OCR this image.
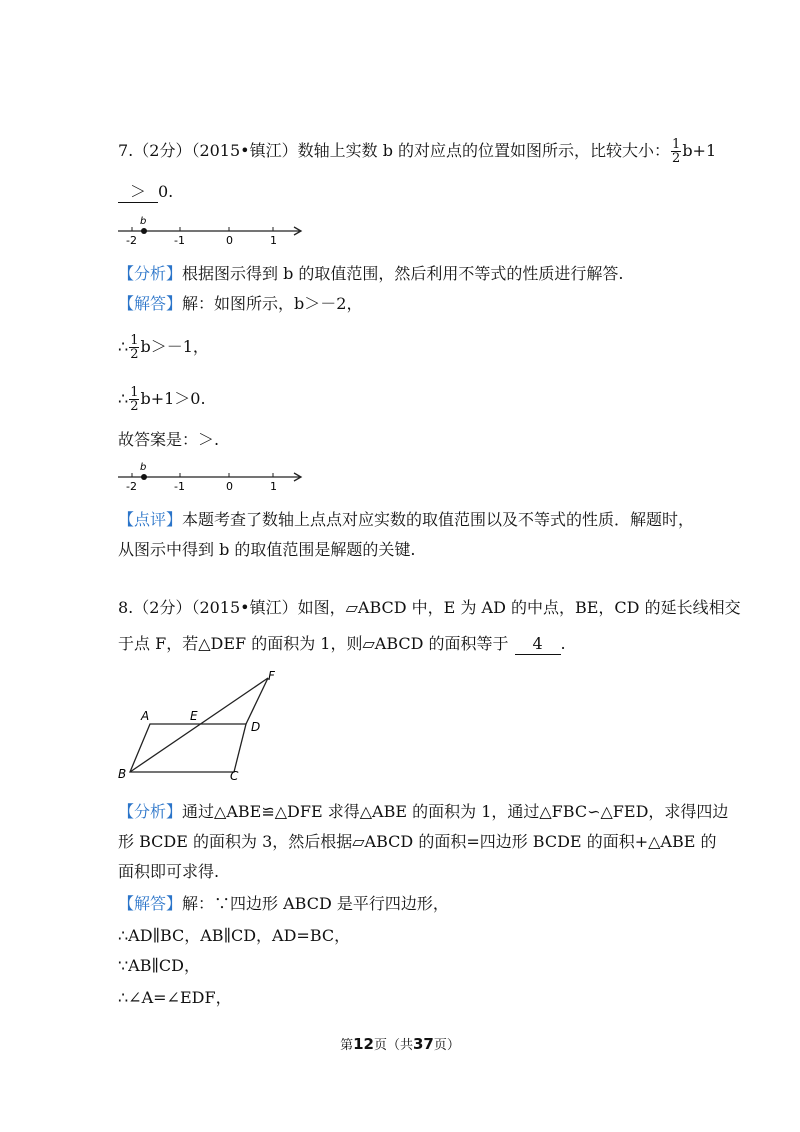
7.（2分）（2015•镇江）数轴上实数 b 的对应点的位置如图所示，比较大小： $\frac{1}{2} b+1$
＞ 0.
b
-2	-1	0	1
【分析】根据图示得到 b 的取值范围，然后利用不等式的性质进行解答.
【解答】解：如图所示，b＞－2，
∴ $\frac{1}{2} b>-1$，
∴ $\frac{1}{2} b+1>0$.
故答案是：＞.
b
-2	-1	0	1
【点评】本题考查了数轴上点点对应实数的取值范围以及不等式的性质．解题时，
从图示中得到 b 的取值范围是解题的关键.
8.（2分）（2015•镇江）如图，▱ABCD 中，E 为 AD 的中点，BE，CD 的延长线相交
于点 F，若△DEF 的面积为 1，则▱ABCD 的面积等于 4 .
A	E
D
F
B	C
【分析】通过△ABE≌△DFE 求得△ABE 的面积为 1，通过△FBC∽△FED，求得四边
形 BCDE 的面积为 3，然后根据▱ABCD 的面积=四边形 BCDE 的面积+△ABE 的
面积即可求得.
【解答】解：∵四边形 ABCD 是平行四边形，
∴AD∥BC，AB∥CD，AD=BC，
∵AB∥CD，
∴∠A=∠EDF，
第12页（共37页）
